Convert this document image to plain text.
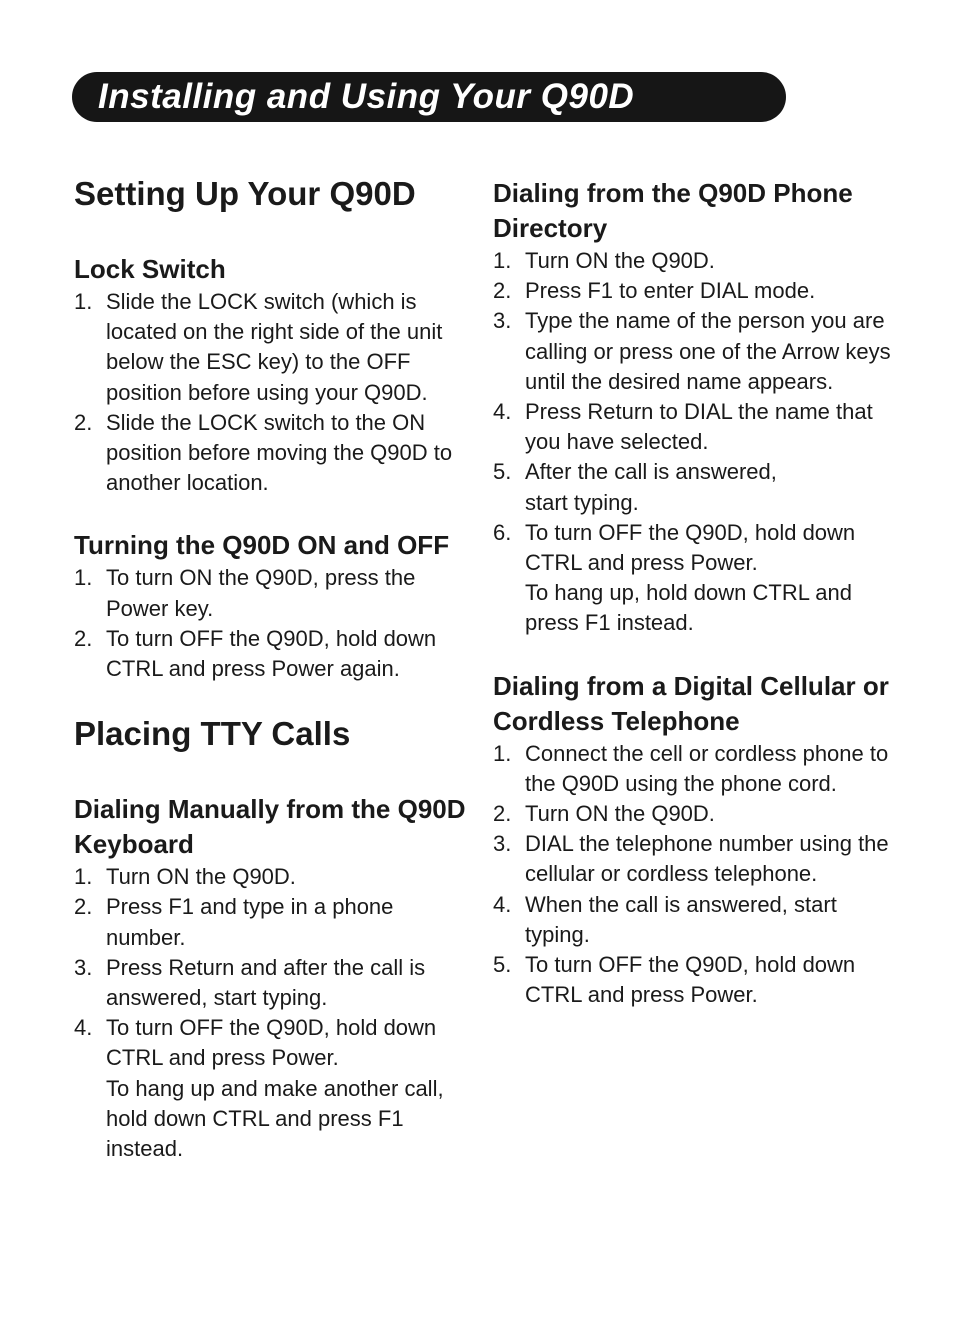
Installing and Using Your Q90D
Setting Up Your Q90D
Lock Switch
1. Slide the LOCK switch (which is located on the right side of the unit below the ESC key) to the OFF position before using your Q90D.
2. Slide the LOCK switch to the ON position before moving the Q90D to another location.
Turning the Q90D ON and OFF
1. To turn ON the Q90D, press the Power key.
2. To turn OFF the Q90D, hold down CTRL and press Power again.
Placing TTY Calls
Dialing Manually from the Q90D Keyboard
1. Turn ON the Q90D.
2. Press F1 and type in a phone number.
3. Press Return and after the call is answered, start typing.
4. To turn OFF the Q90D, hold down CTRL and press Power.
To hang up and make another call, hold down CTRL and press F1 instead.
Dialing from the Q90D Phone Directory
1. Turn ON the Q90D.
2. Press F1 to enter DIAL mode.
3. Type the name of the person you are calling or press one of the Arrow keys until the desired name appears.
4. Press Return to DIAL the name that you have selected.
5. After the call is answered,
start typing.
6. To turn OFF the Q90D, hold down CTRL and press Power.
To hang up, hold down CTRL and press F1 instead.
Dialing from a Digital Cellular or Cordless Telephone
1. Connect the cell or cordless phone to the Q90D using the phone cord.
2. Turn ON the Q90D.
3. DIAL the telephone number using the cellular or cordless telephone.
4. When the call is answered, start typing.
5. To turn OFF the Q90D, hold down CTRL and press Power.
